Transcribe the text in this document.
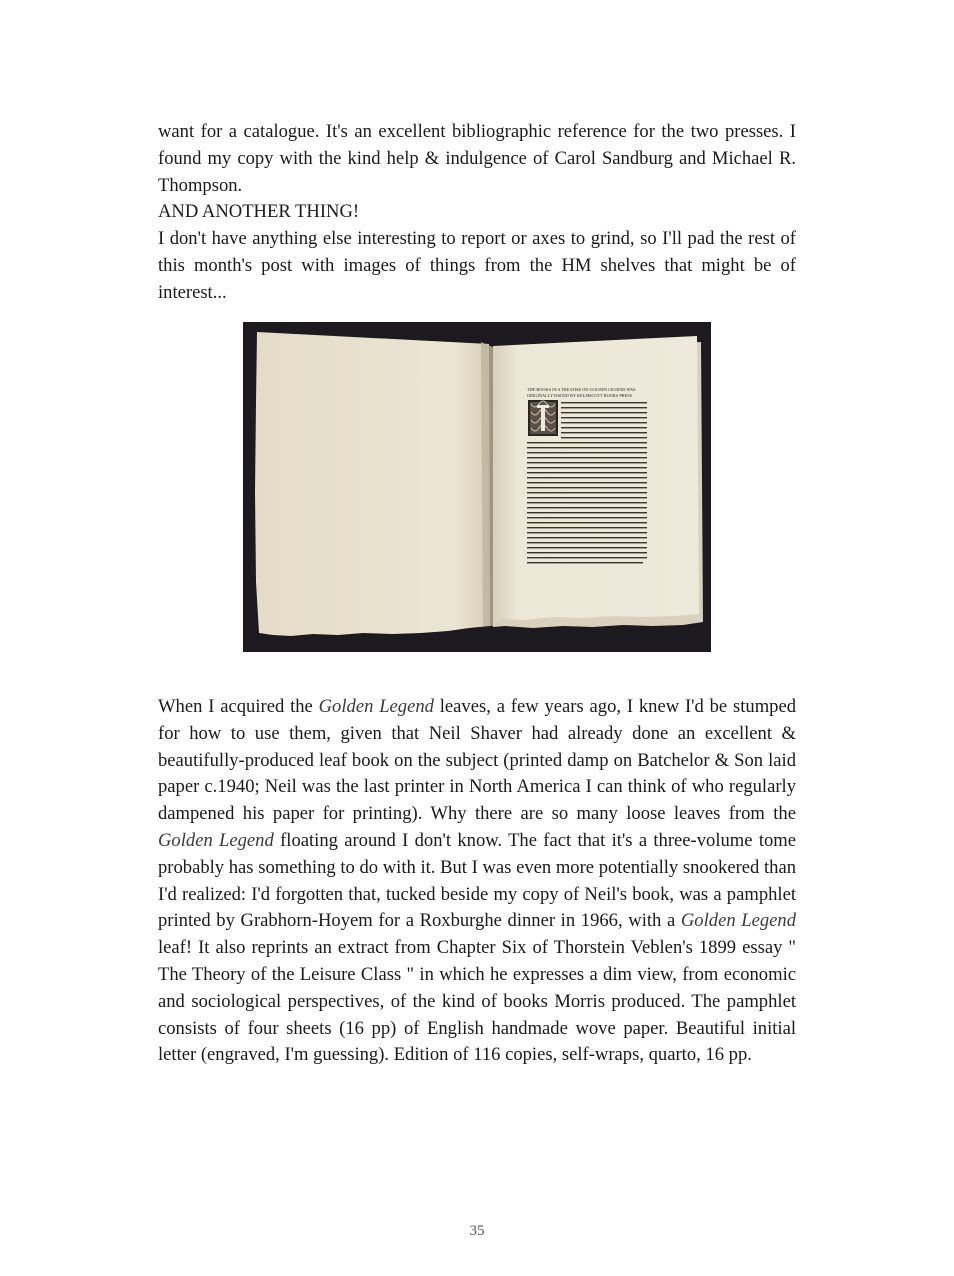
want for a catalogue. It's an excellent bibliographic reference for the two presses. I found my copy with the kind help & indulgence of Carol Sandburg and Michael R. Thompson.

AND ANOTHER THING!

I don't have anything else interesting to report or axes to grind, so I'll pad the rest of this month's post with images of things from the HM shelves that might be of interest...

THE BOOKS IN A TREATISE ON GOLDEN LEGEND WAS
ORIGINALLY ISSUED BY KELMSCOTT BOOKS PRESS

When I acquired the Golden Legend leaves, a few years ago, I knew I'd be stumped for how to use them, given that Neil Shaver had already done an excellent & beautifully-produced leaf book on the subject (printed damp on Batchelor & Son laid paper c.1940; Neil was the last printer in North America I can think of who regularly dampened his paper for printing). Why there are so many loose leaves from the Golden Legend floating around I don't know. The fact that it's a three-volume tome probably has something to do with it. But I was even more potentially snookered than I'd realized: I'd forgotten that, tucked beside my copy of Neil's book, was a pamphlet printed by Grabhorn-Hoyem for a Roxburghe dinner in 1966, with a Golden Legend leaf! It also reprints an extract from Chapter Six of Thorstein Veblen's 1899 essay " The Theory of the Leisure Class " in which he expresses a dim view, from economic and sociological perspectives, of the kind of books Morris produced. The pamphlet consists of four sheets (16 pp) of English handmade wove paper. Beautiful initial letter (engraved, I'm guessing). Edition of 116 copies, self-wraps, quarto, 16 pp.

35
